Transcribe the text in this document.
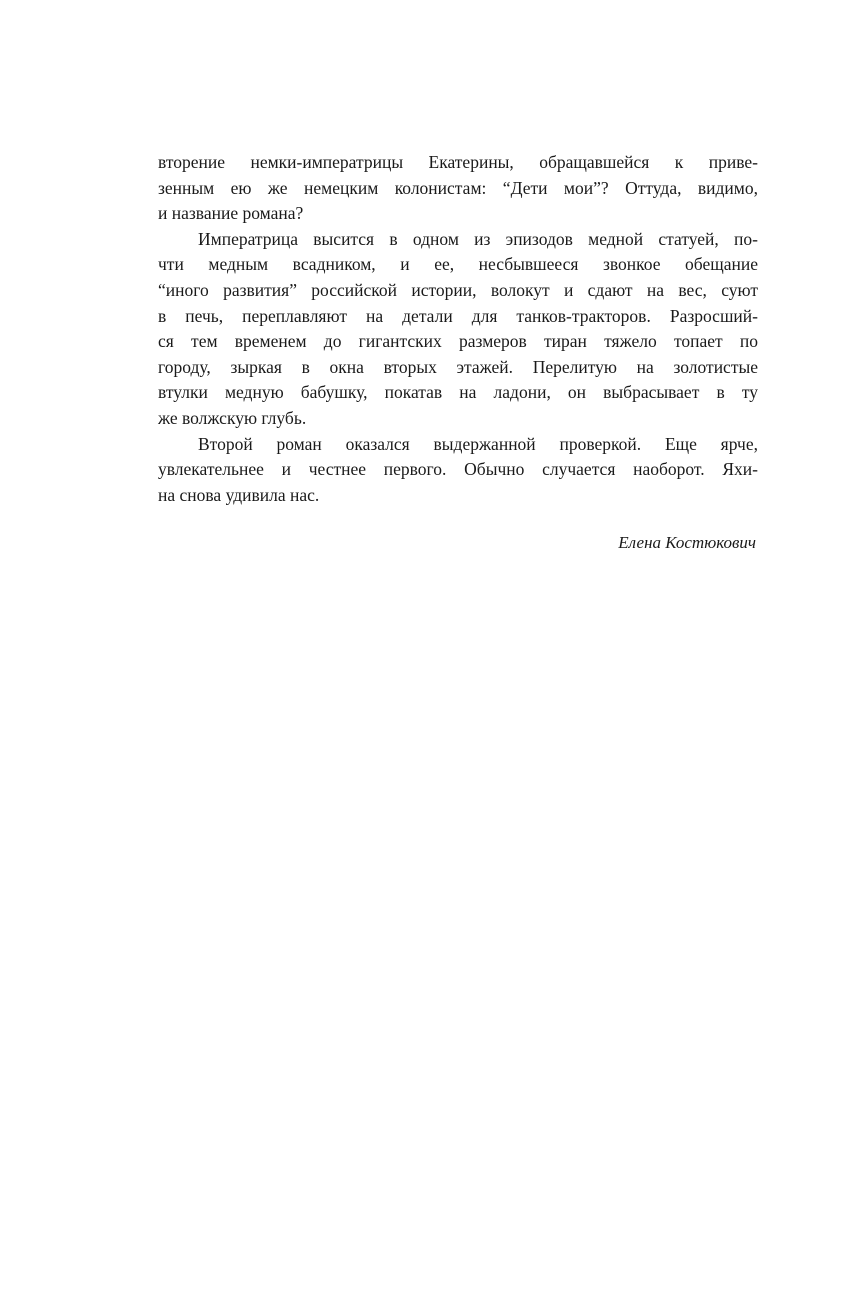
вторение немки-императрицы Екатерины, обращавшейся к приве-
зенным ею же немецким колонистам: “Дети мои”? Оттуда, видимо,
и название романа?
Императрица высится в одном из эпизодов медной статуей, по-
чти медным всадником, и ее, несбывшееся звонкое обещание
“иного развития” российской истории, волокут и сдают на вес, суют
в печь, переплавляют на детали для танков-тракторов. Разросший-
ся тем временем до гигантских размеров тиран тяжело топает по
городу, зыркая в окна вторых этажей. Перелитую на золотистые
втулки медную бабушку, покатав на ладони, он выбрасывает в ту
же волжскую глубь.
Второй роман оказался выдержанной проверкой. Еще ярче,
увлекательнее и честнее первого. Обычно случается наоборот. Яхи-
на снова удивила нас.
Елена Костюкович
